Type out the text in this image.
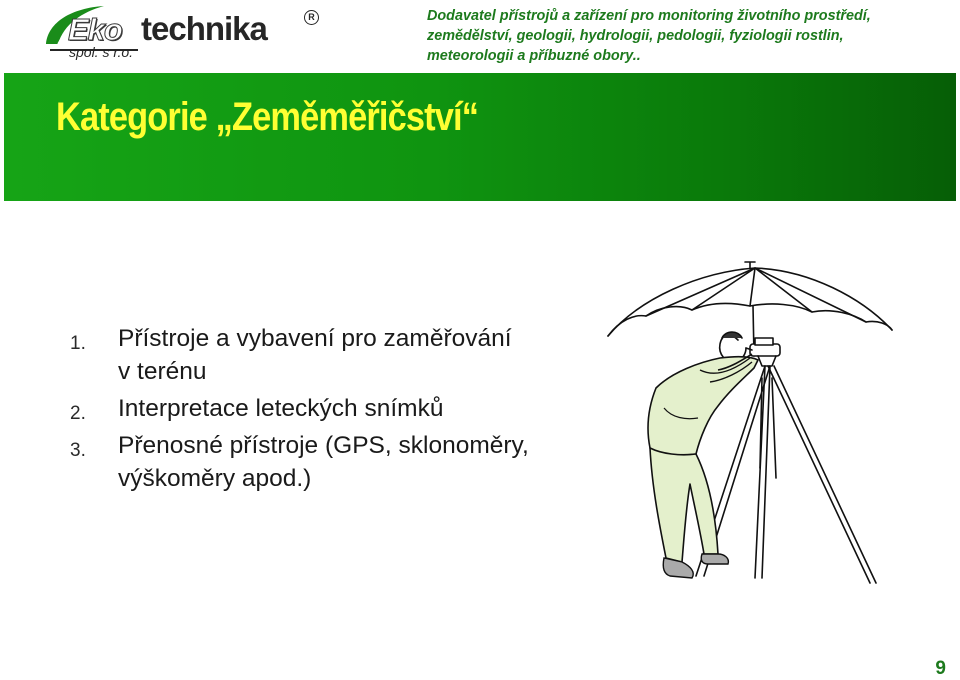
Eko technika	R
spol. s r.o.
Dodavatel přístrojů a zařízení pro monitoring životního prostředí,
zemědělství, geologii, hydrologii, pedologii, fyziologii rostlin,
meteorologii a příbuzné obory..
Kategorie „Zeměměřičství“
1. Přístroje a vybavení pro zaměřování
v terénu
2. Interpretace leteckých snímků
3. Přenosné přístroje (GPS, sklonoměry,
výškoměry apod.)
9
